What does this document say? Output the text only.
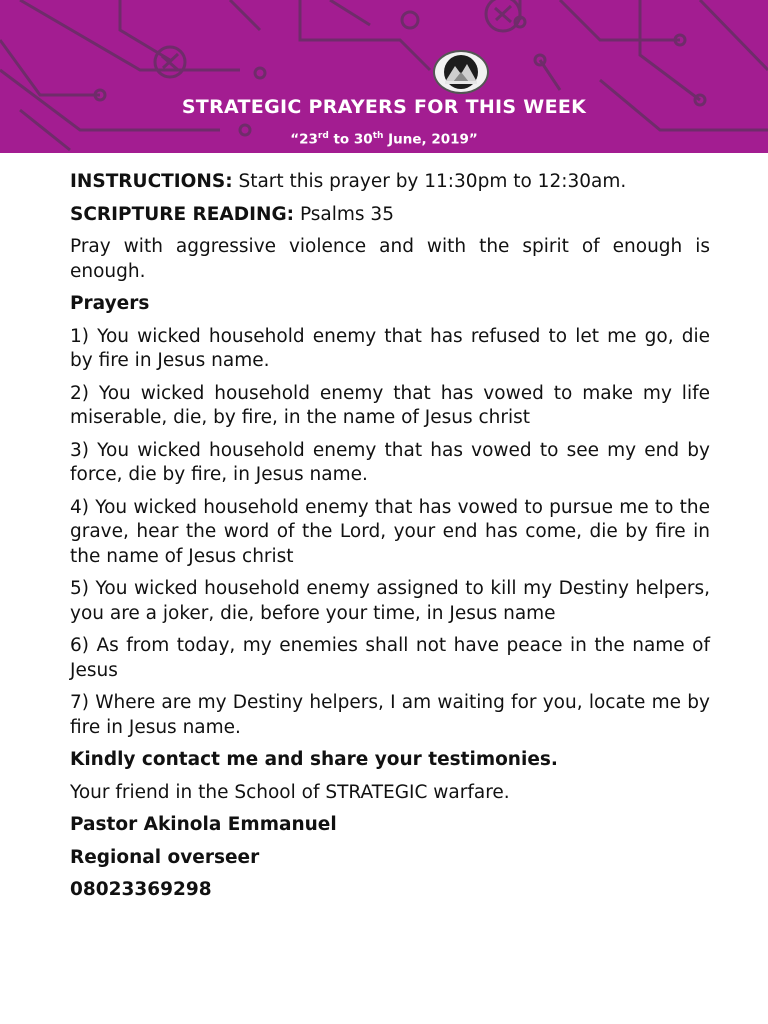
STRATEGIC PRAYERS FOR THIS WEEK
“23rd to 30th June, 2019”

INSTRUCTIONS: Start this prayer by 11:30pm to 12:30am.

SCRIPTURE READING: Psalms 35

Pray with aggressive violence and with the spirit of enough is enough.

Prayers

1) You wicked household enemy that has refused to let me go, die by fire in Jesus name.

2) You wicked household enemy that has vowed to make my life miserable, die, by fire, in the name of Jesus christ

3) You wicked household enemy that has vowed to see my end by force, die by fire, in Jesus name.

4) You wicked household enemy that has vowed to pursue me to the grave, hear the word of the Lord, your end has come, die by fire in the name of Jesus christ

5) You wicked household enemy assigned to kill my Destiny helpers, you are a joker, die, before your time, in Jesus name

6) As from today, my enemies shall not have peace in the name of Jesus

7) Where are my Destiny helpers, I am waiting for you, locate me by fire in Jesus name.

Kindly contact me and share your testimonies.

Your friend in the School of STRATEGIC warfare.

Pastor Akinola Emmanuel

Regional overseer

08023369298
